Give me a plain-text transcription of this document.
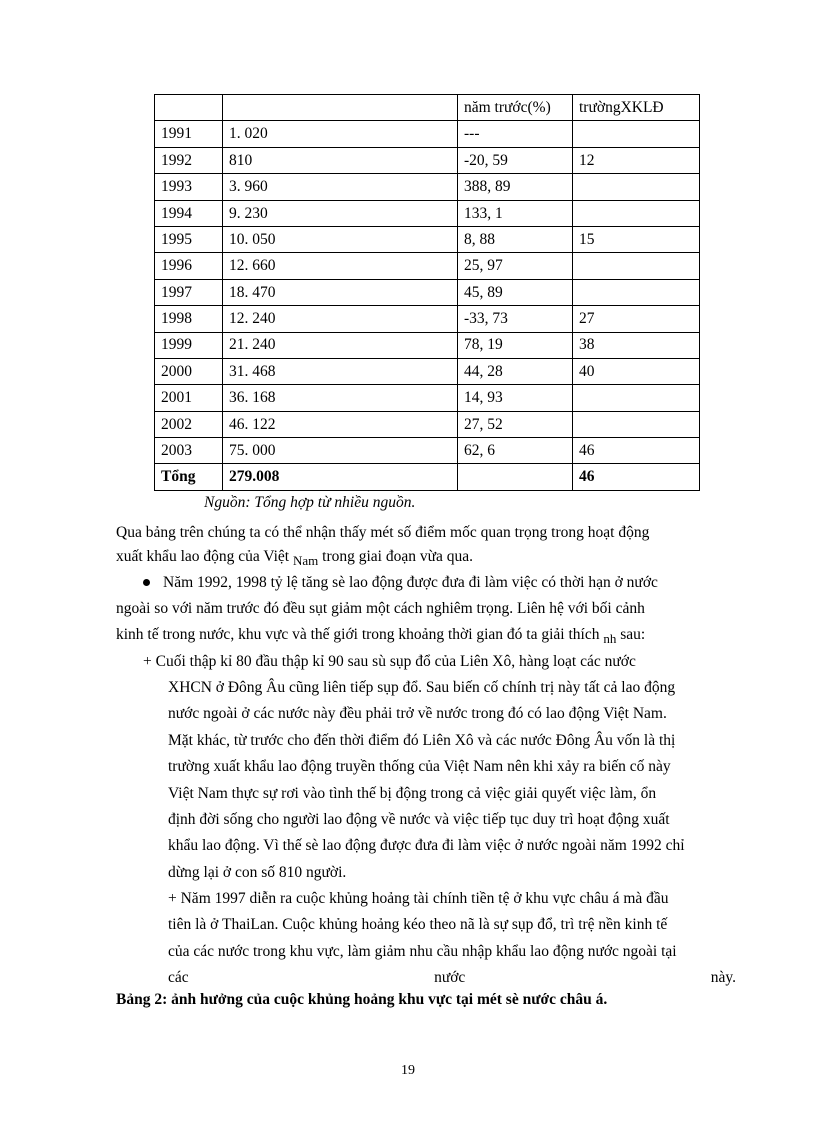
		năm trước(%)	trườngXKLĐ
1991	1. 020	---	
1992	810	-20, 59	12
1993	3. 960	388, 89	
1994	9. 230	133, 1	
1995	10. 050	8, 88	15
1996	12. 660	25, 97	
1997	18. 470	45, 89	
1998	12. 240	-33, 73	27
1999	21. 240	78, 19	38
2000	31. 468	44, 28	40
2001	36. 168	14, 93	
2002	46. 122	27, 52	
2003	75. 000	62, 6	46
Tổng	279.008		46
Nguồn: Tổng hợp từ nhiều nguồn.
Qua bảng trên chúng ta có thể nhận thấy mét số điểm mốc quan trọng trong hoạt động
xuất khẩu lao động của Việt $_{Nam}$ trong giai đoạn vừa qua.
Năm 1992, 1998 tỷ lệ tăng sè lao động được đưa đi làm việc có thời hạn ở nước
ngoài so với năm trước đó đều sụt giảm một cách nghiêm trọng. Liên hệ với bối cảnh
kinh tế trong nước, khu vực và thế giới trong khoảng thời gian đó ta giải thích $_{nh}$ sau:
+ Cuối thập kỉ 80 đầu thập kỉ 90 sau sù sụp đổ của Liên Xô, hàng loạt các nước
XHCN ở Đông Âu cũng liên tiếp sụp đổ. Sau biến cố chính trị này tất cả lao động
nước ngoài ở các nước này đều phải trở về nước trong đó có lao động Việt Nam.
Mặt khác, từ trước cho đến thời điểm đó Liên Xô và các nước Đông Âu vốn là thị
trường xuất khẩu lao động truyền thống của Việt Nam nên khi xảy ra biến cố này
Việt Nam thực sự rơi vào tình thế bị động trong cả việc giải quyết việc làm, ổn
định đời sống cho người lao động về nước và việc tiếp tục duy trì hoạt động xuất
khẩu lao động. Vì thế sè lao động được đưa đi làm việc ở nước ngoài năm 1992 chỉ
dừng lại ở con số 810 người.
+ Năm 1997 diễn ra cuộc khủng hoảng tài chính tiền tệ ở khu vực châu á mà đầu
tiên là ở ThaiLan. Cuộc khủng hoảng kéo theo nã là sự sụp đổ, trì trệ nền kinh tế
của các nước trong khu vực, làm giảm nhu cầu nhập khẩu lao động nước ngoài tại
các	nước	này.
Bảng 2: ảnh hưởng của cuộc khủng hoảng khu vực tại mét sè nước châu á.
19
